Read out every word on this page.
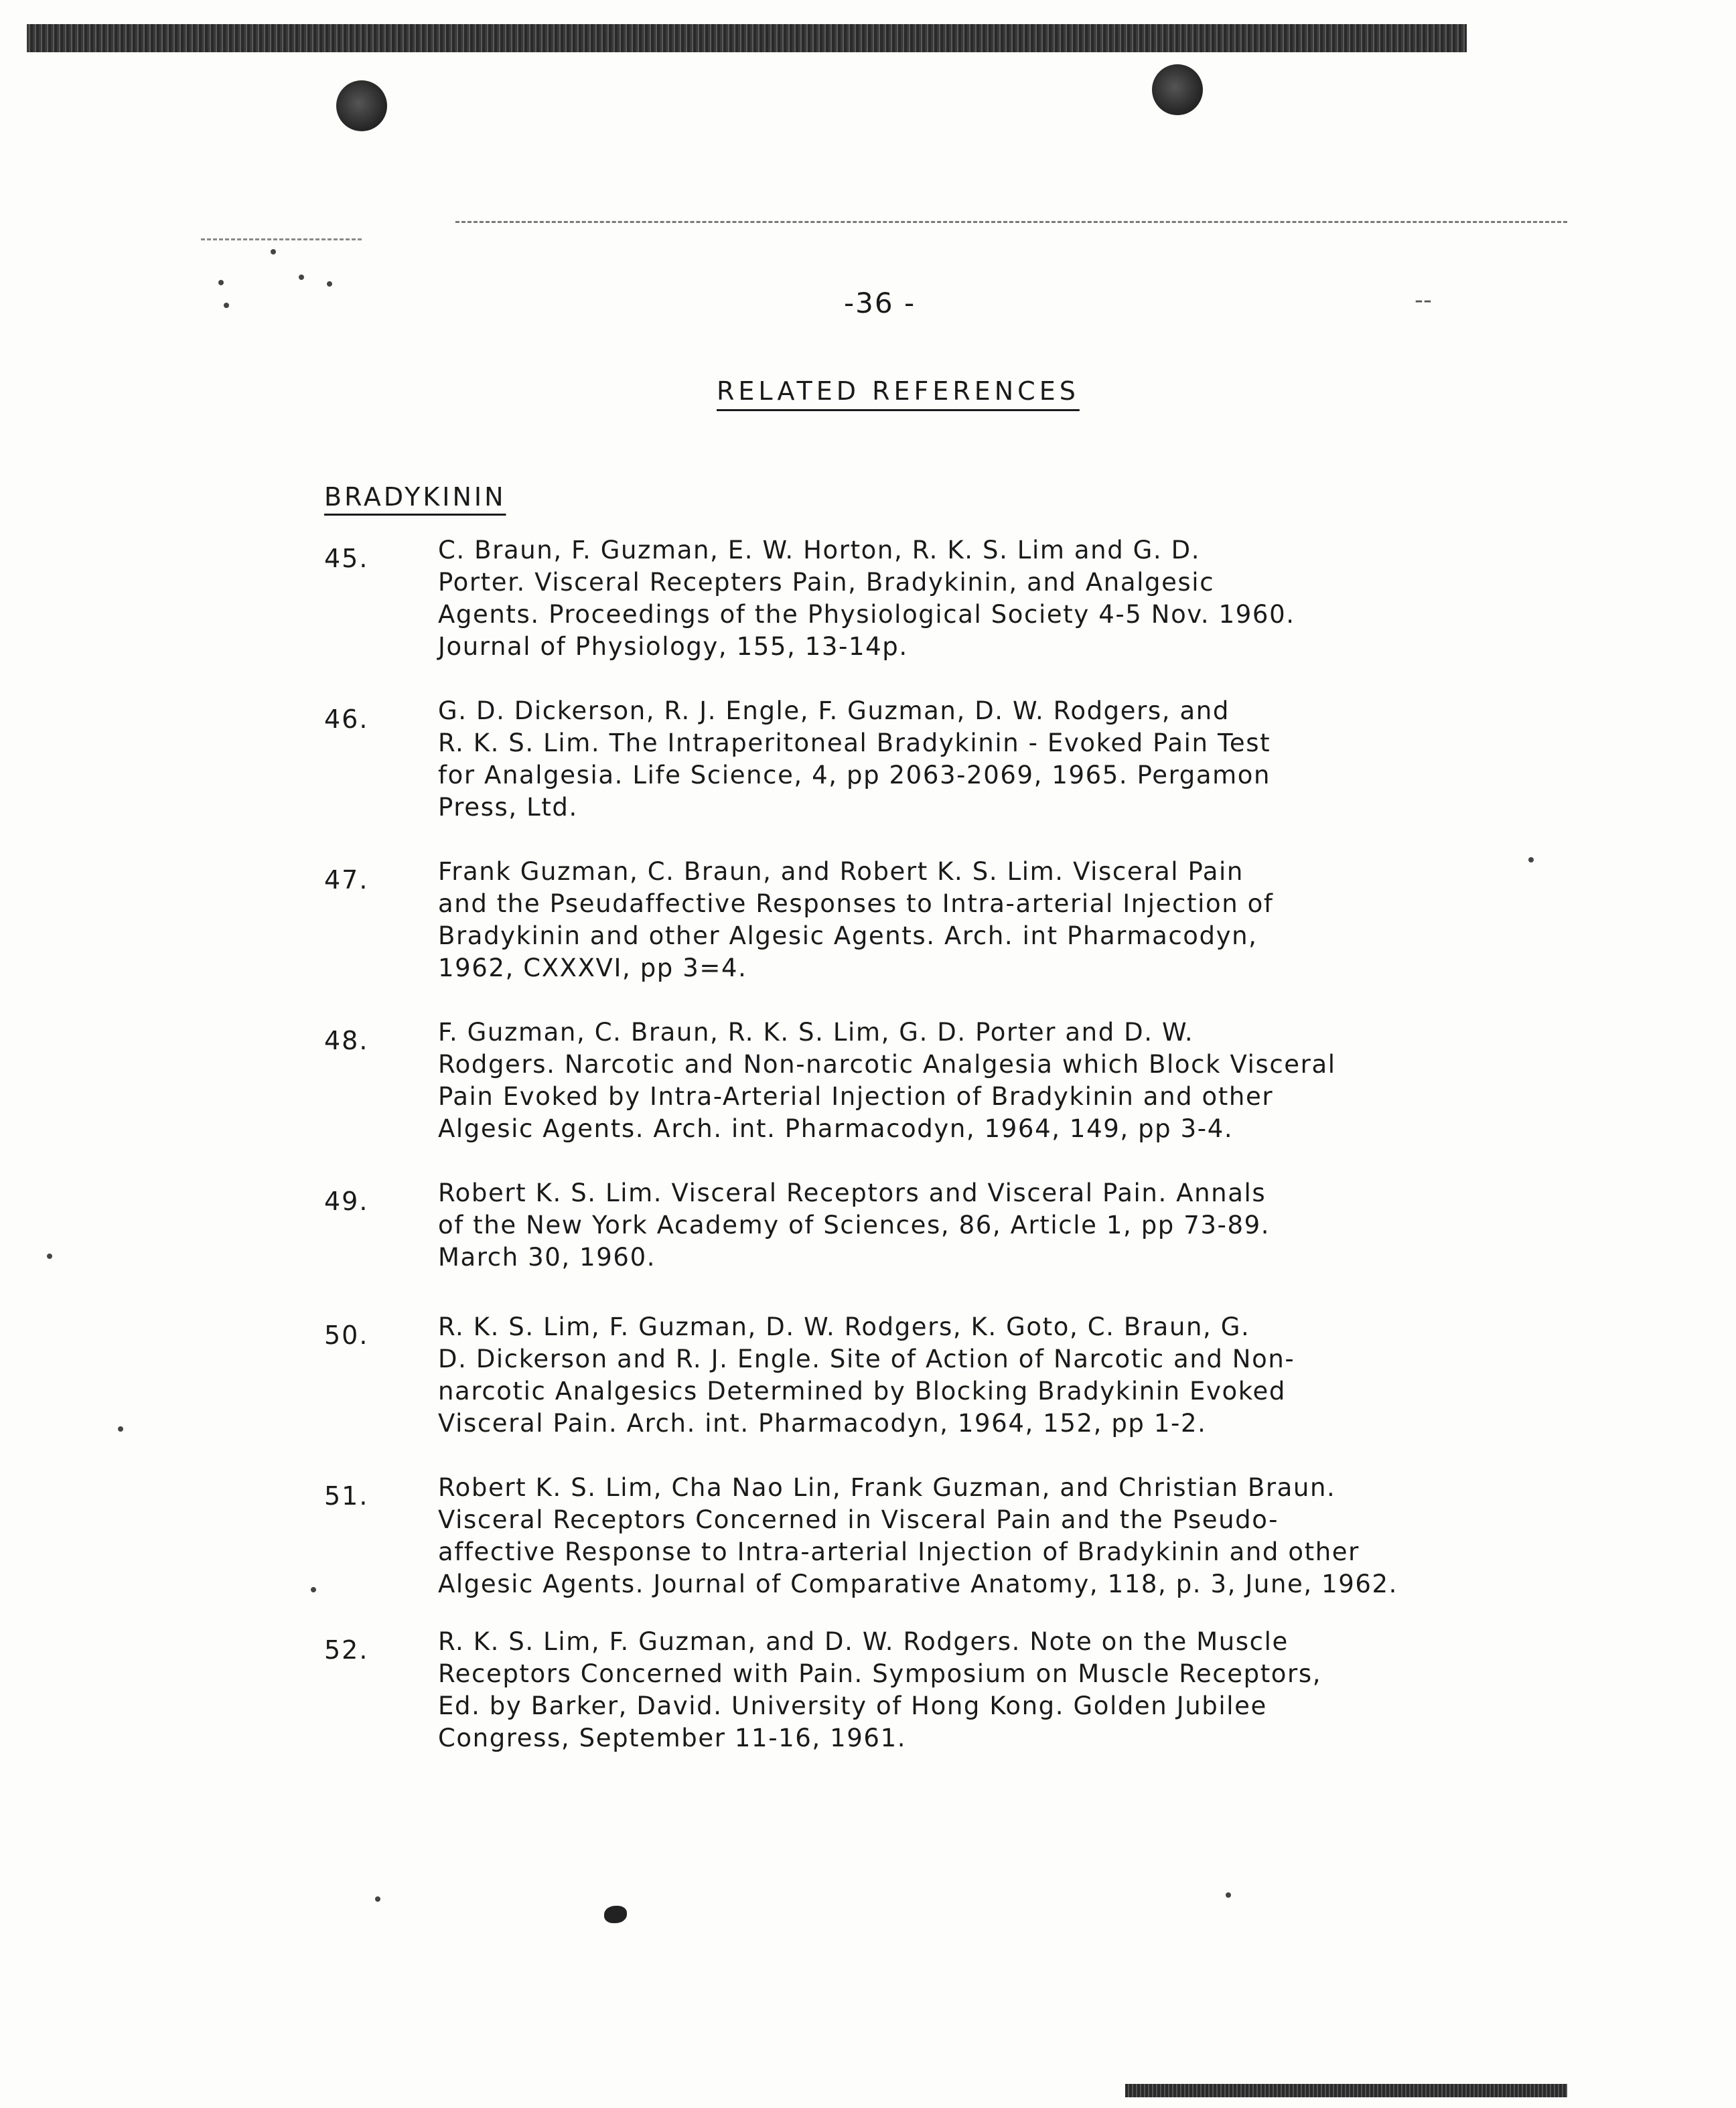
-36 -	--
RELATED REFERENCES
BRADYKININ
45.	C. Braun, F. Guzman, E. W. Horton, R. K. S. Lim and G. D.
Porter. Visceral Recepters Pain, Bradykinin, and Analgesic
Agents. Proceedings of the Physiological Society 4-5 Nov. 1960.
Journal of Physiology, 155, 13-14p.
46.	G. D. Dickerson, R. J. Engle, F. Guzman, D. W. Rodgers, and
R. K. S. Lim. The Intraperitoneal Bradykinin - Evoked Pain Test
for Analgesia. Life Science, 4, pp 2063-2069, 1965. Pergamon
Press, Ltd.
47.	Frank Guzman, C. Braun, and Robert K. S. Lim. Visceral Pain
and the Pseudaffective Responses to Intra-arterial Injection of
Bradykinin and other Algesic Agents. Arch. int Pharmacodyn,
1962, CXXXVI, pp 3=4.
48.	F. Guzman, C. Braun, R. K. S. Lim, G. D. Porter and D. W.
Rodgers. Narcotic and Non-narcotic Analgesia which Block Visceral
Pain Evoked by Intra-Arterial Injection of Bradykinin and other
Algesic Agents. Arch. int. Pharmacodyn, 1964, 149, pp 3-4.
49.	Robert K. S. Lim. Visceral Receptors and Visceral Pain. Annals
of the New York Academy of Sciences, 86, Article 1, pp 73-89.
March 30, 1960.
50.	R. K. S. Lim, F. Guzman, D. W. Rodgers, K. Goto, C. Braun, G.
D. Dickerson and R. J. Engle. Site of Action of Narcotic and Non-
narcotic Analgesics Determined by Blocking Bradykinin Evoked
Visceral Pain. Arch. int. Pharmacodyn, 1964, 152, pp 1-2.
51.	Robert K. S. Lim, Cha Nao Lin, Frank Guzman, and Christian Braun.
Visceral Receptors Concerned in Visceral Pain and the Pseudo-
affective Response to Intra-arterial Injection of Bradykinin and other
Algesic Agents. Journal of Comparative Anatomy, 118, p. 3, June, 1962.
52.	R. K. S. Lim, F. Guzman, and D. W. Rodgers. Note on the Muscle
Receptors Concerned with Pain. Symposium on Muscle Receptors,
Ed. by Barker, David. University of Hong Kong. Golden Jubilee
Congress, September 11-16, 1961.
